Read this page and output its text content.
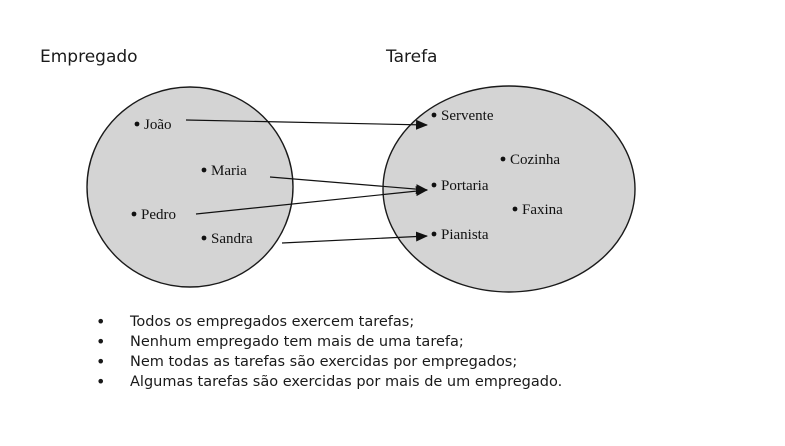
Empregado	Tarefa
João
Maria
Pedro
Sandra
Servente
Cozinha
Portaria
Faxina
Pianista
• Todos os empregados exercem tarefas;
• Nenhum empregado tem mais de uma tarefa;
• Nem todas as tarefas são exercidas por empregados;
• Algumas tarefas são exercidas por mais de um empregado.
